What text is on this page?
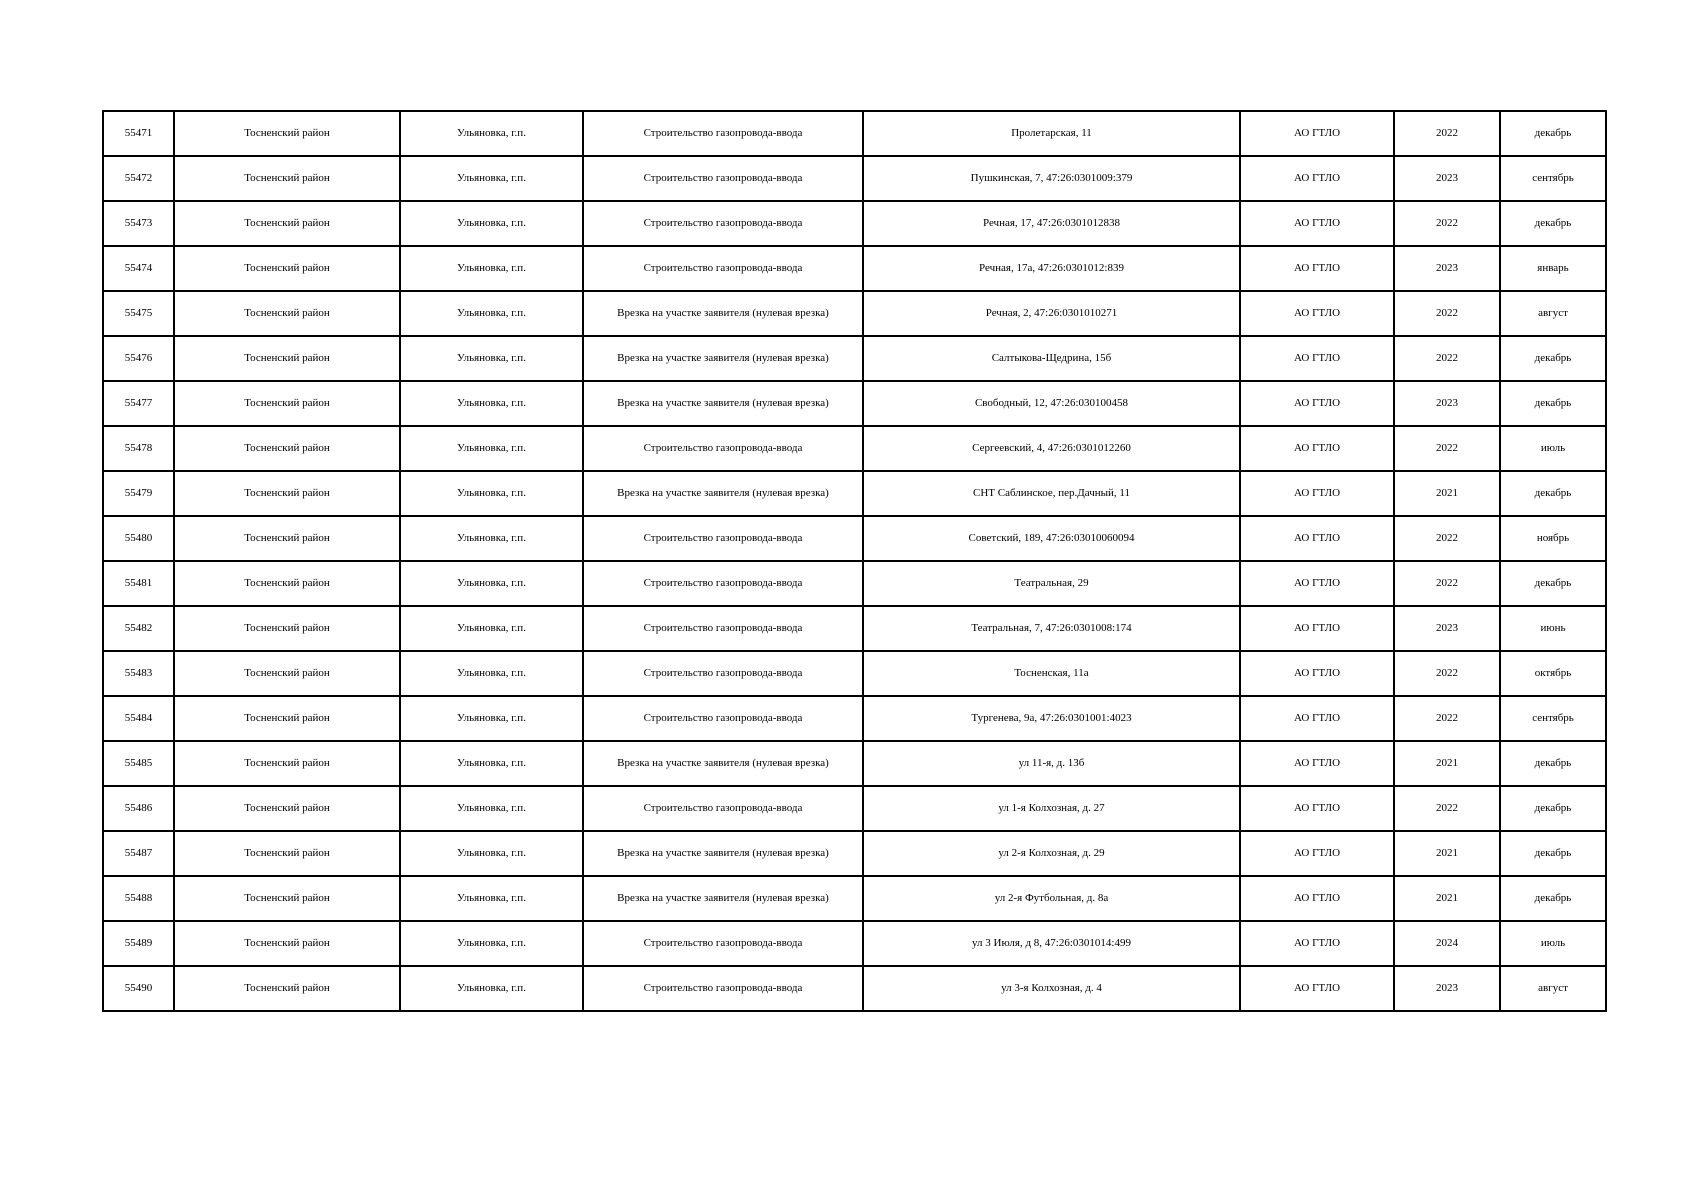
55471	Тосненский район	Ульяновка, г.п.	Строительство газопровода-ввода	Пролетарская, 11	АО ГТЛО	2022	декабрь
55472	Тосненский район	Ульяновка, г.п.	Строительство газопровода-ввода	Пушкинская, 7, 47:26:0301009:379	АО ГТЛО	2023	сентябрь
55473	Тосненский район	Ульяновка, г.п.	Строительство газопровода-ввода	Речная, 17, 47:26:0301012838	АО ГТЛО	2022	декабрь
55474	Тосненский район	Ульяновка, г.п.	Строительство газопровода-ввода	Речная, 17а, 47:26:0301012:839	АО ГТЛО	2023	январь
55475	Тосненский район	Ульяновка, г.п.	Врезка на участке заявителя (нулевая врезка)	Речная, 2, 47:26:0301010271	АО ГТЛО	2022	август
55476	Тосненский район	Ульяновка, г.п.	Врезка на участке заявителя (нулевая врезка)	Салтыкова-Щедрина, 15б	АО ГТЛО	2022	декабрь
55477	Тосненский район	Ульяновка, г.п.	Врезка на участке заявителя (нулевая врезка)	Свободный, 12, 47:26:030100458	АО ГТЛО	2023	декабрь
55478	Тосненский район	Ульяновка, г.п.	Строительство газопровода-ввода	Сергеевский, 4, 47:26:0301012260	АО ГТЛО	2022	июль
55479	Тосненский район	Ульяновка, г.п.	Врезка на участке заявителя (нулевая врезка)	СНТ Саблинское, пер.Дачный, 11	АО ГТЛО	2021	декабрь
55480	Тосненский район	Ульяновка, г.п.	Строительство газопровода-ввода	Советский, 189, 47:26:03010060094	АО ГТЛО	2022	ноябрь
55481	Тосненский район	Ульяновка, г.п.	Строительство газопровода-ввода	Театральная, 29	АО ГТЛО	2022	декабрь
55482	Тосненский район	Ульяновка, г.п.	Строительство газопровода-ввода	Театральная, 7, 47:26:0301008:174	АО ГТЛО	2023	июнь
55483	Тосненский район	Ульяновка, г.п.	Строительство газопровода-ввода	Тосненская, 11а	АО ГТЛО	2022	октябрь
55484	Тосненский район	Ульяновка, г.п.	Строительство газопровода-ввода	Тургенева, 9а, 47:26:0301001:4023	АО ГТЛО	2022	сентябрь
55485	Тосненский район	Ульяновка, г.п.	Врезка на участке заявителя (нулевая врезка)	ул 11-я, д. 13б	АО ГТЛО	2021	декабрь
55486	Тосненский район	Ульяновка, г.п.	Строительство газопровода-ввода	ул 1-я Колхозная, д. 27	АО ГТЛО	2022	декабрь
55487	Тосненский район	Ульяновка, г.п.	Врезка на участке заявителя (нулевая врезка)	ул 2-я Колхозная, д. 29	АО ГТЛО	2021	декабрь
55488	Тосненский район	Ульяновка, г.п.	Врезка на участке заявителя (нулевая врезка)	ул 2-я Футбольная, д. 8а	АО ГТЛО	2021	декабрь
55489	Тосненский район	Ульяновка, г.п.	Строительство газопровода-ввода	ул 3 Июля, д 8, 47:26:0301014:499	АО ГТЛО	2024	июль
55490	Тосненский район	Ульяновка, г.п.	Строительство газопровода-ввода	ул 3-я Колхозная, д. 4	АО ГТЛО	2023	август
